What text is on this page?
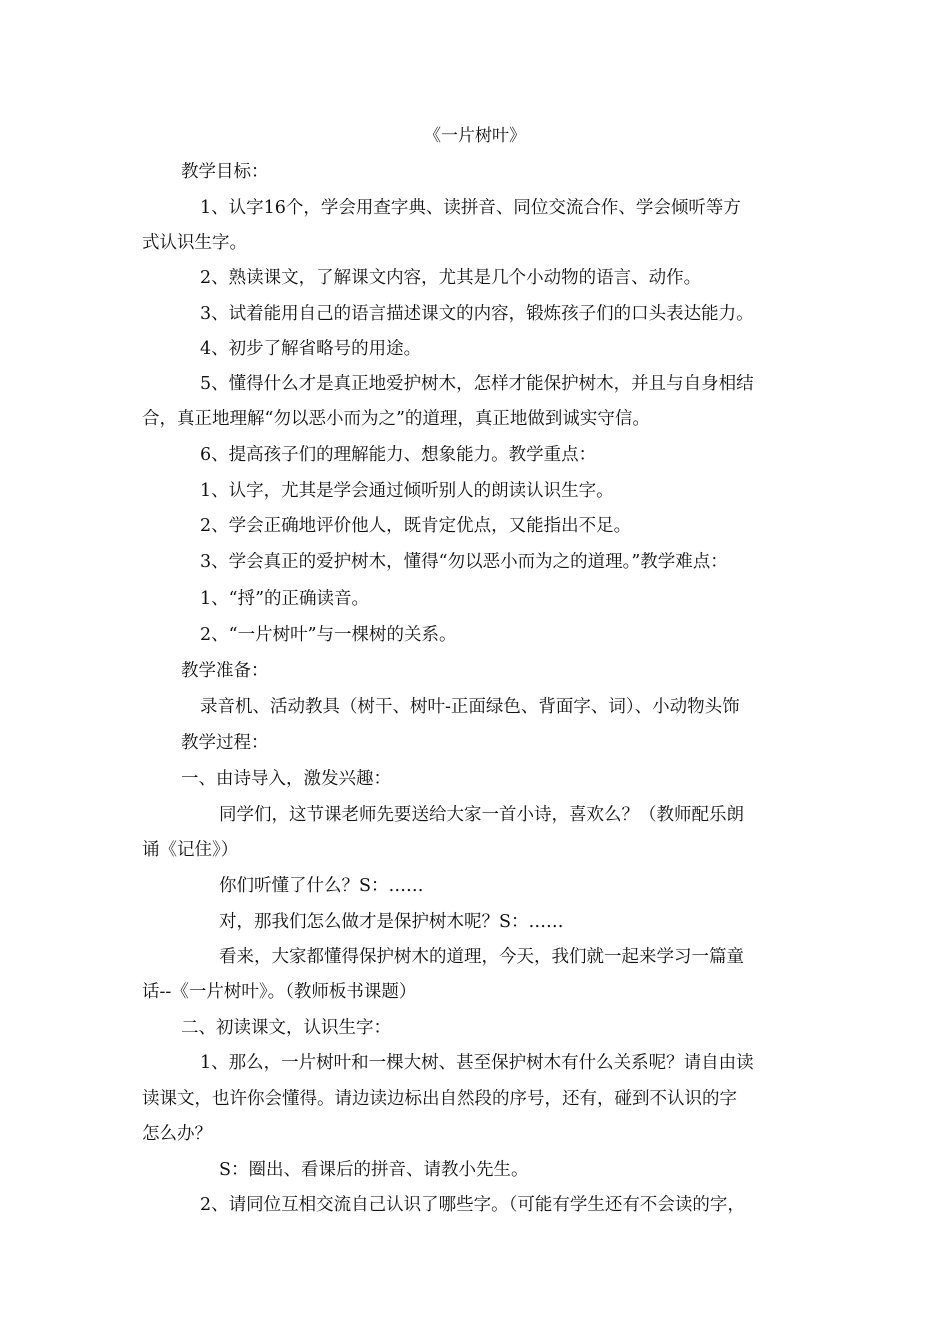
《一片树叶》
教学目标：
1、认字16个，学会用查字典、读拼音、同位交流合作、学会倾听等方
式认识生字。
2、熟读课文，了解课文内容，尤其是几个小动物的语言、动作。
3、试着能用自己的语言描述课文的内容，锻炼孩子们的口头表达能力。
4、初步了解省略号的用途。
5、懂得什么才是真正地爱护树木，怎样才能保护树木，并且与自身相结
合，真正地理解“勿以恶小而为之”的道理，真正地做到诚实守信。
6、提高孩子们的理解能力、想象能力。教学重点：
1、认字，尤其是学会通过倾听别人的朗读认识生字。
2、学会正确地评价他人，既肯定优点，又能指出不足。
3、学会真正的爱护树木，懂得“勿以恶小而为之的道理。”教学难点：
1、“捋”的正确读音。
2、“一片树叶”与一棵树的关系。
教学准备：
录音机、活动教具（树干、树叶-正面绿色、背面字、词）、小动物头饰
教学过程：
一、由诗导入，激发兴趣：
同学们，这节课老师先要送给大家一首小诗，喜欢么？（教师配乐朗
诵《记住》）
你们听懂了什么？S：……
对，那我们怎么做才是保护树木呢？S：……
看来，大家都懂得保护树木的道理，今天，我们就一起来学习一篇童
话--《一片树叶》。（教师板书课题）
二、初读课文，认识生字：
1、那么，一片树叶和一棵大树、甚至保护树木有什么关系呢？请自由读
读课文，也许你会懂得。请边读边标出自然段的序号，还有，碰到不认识的字
怎么办？
S：圈出、看课后的拼音、请教小先生。
2、请同位互相交流自己认识了哪些字。（可能有学生还有不会读的字，
